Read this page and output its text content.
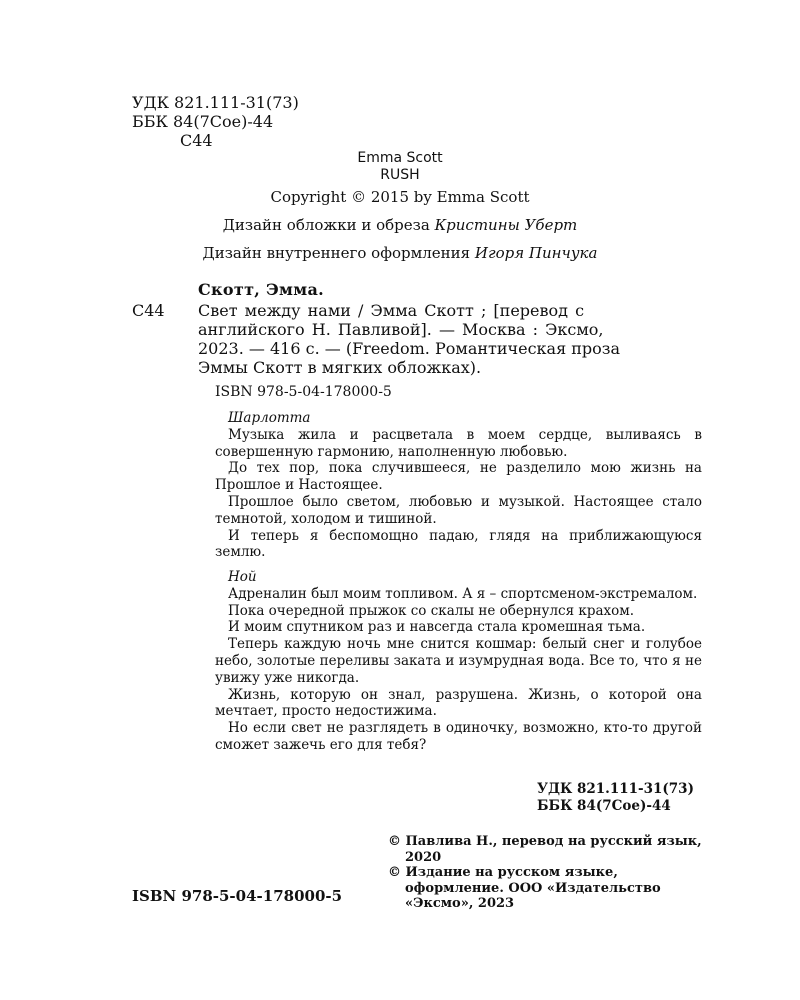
УДК 821.111-31(73)
ББК 84(7Сое)-44
С44
Emma Scott
RUSH
Copyright © 2015 by Emma Scott
Дизайн обложки и обреза Кристины Уберт
Дизайн внутреннего оформления Игоря Пинчука
Скотт, Эмма.
С44 Свет между нами / Эмма Скотт ; [перевод с
английского Н. Павливой]. — Москва : Эксмо,
2023. — 416 с. — (Freedom. Романтическая проза
Эммы Скотт в мягких обложках).
ISBN 978-5-04-178000-5

Шарлотта

Музыка жила и расцветала в моем сердце, выливаясь в совершенную гармонию, наполненную любовью.

До тех пор, пока случившееся, не разделило мою жизнь на Прошлое и Настоящее.

Прошлое было светом, любовью и музыкой. Настоящее стало темнотой, холодом и тишиной.

И теперь я беспомощно падаю, глядя на приближающуюся землю.

Ной

Адреналин был моим топливом. А я – спортсменом-экстремалом.

Пока очередной прыжок со скалы не обернулся крахом.

И моим спутником раз и навсегда стала кромешная тьма.

Теперь каждую ночь мне снится кошмар: белый снег и голубое небо, золотые переливы заката и изумрудная вода. Все то, что я не увижу уже никогда.

Жизнь, которую он знал, разрушена. Жизнь, о которой она мечтает, просто недостижима.

Но если свет не разглядеть в одиночку, возможно, кто-то другой сможет зажечь его для тебя?

УДК 821.111-31(73)
ББК 84(7Сое)-44
ISBN 978-5-04-178000-5

© Павлива Н., перевод на русский язык, 2020

© Издание на русском языке, оформление. ООО «Издательство «Эксмо», 2023
